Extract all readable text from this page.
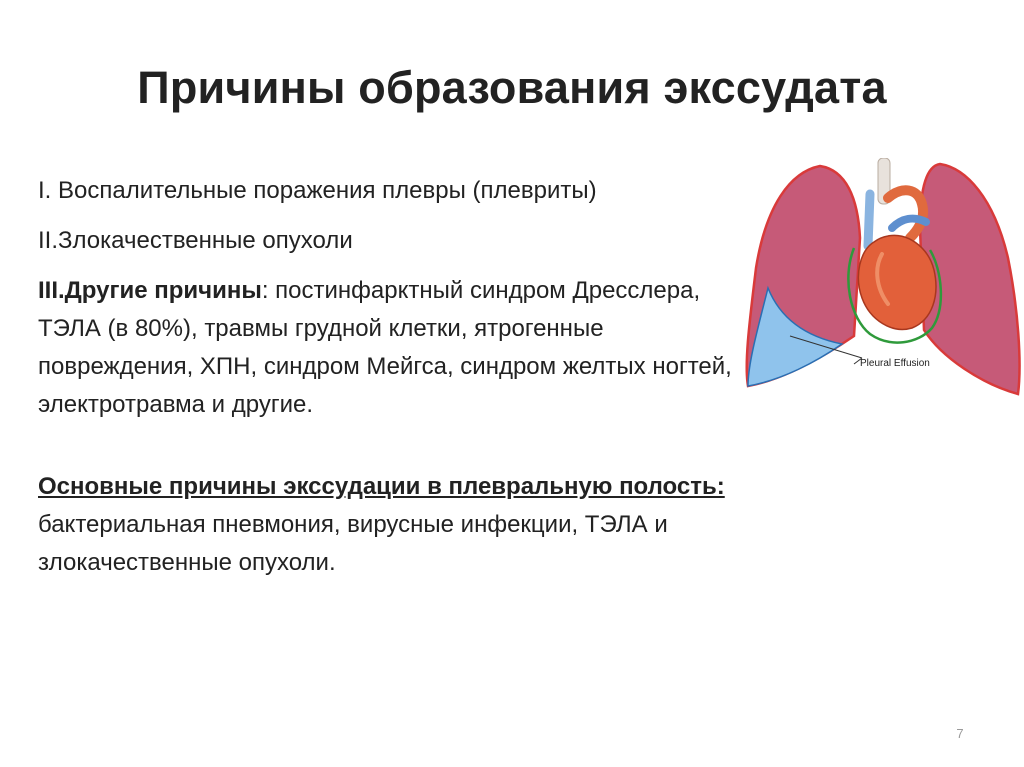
Причины образования экссудата
I. Воспалительные поражения плевры (плевриты)
II.Злокачественные опухоли
III.Другие причины: постинфарктный синдром Дресслера, ТЭЛА (в 80%), травмы грудной клетки, ятрогенные повреждения, ХПН, синдром Мейгса, синдром желтых ногтей, электротравма и другие.
Основные причины экссудации в плевральную полость: бактериальная пневмония, вирусные инфекции, ТЭЛА и злокачественные опухоли.
Pleural Effusion
7
